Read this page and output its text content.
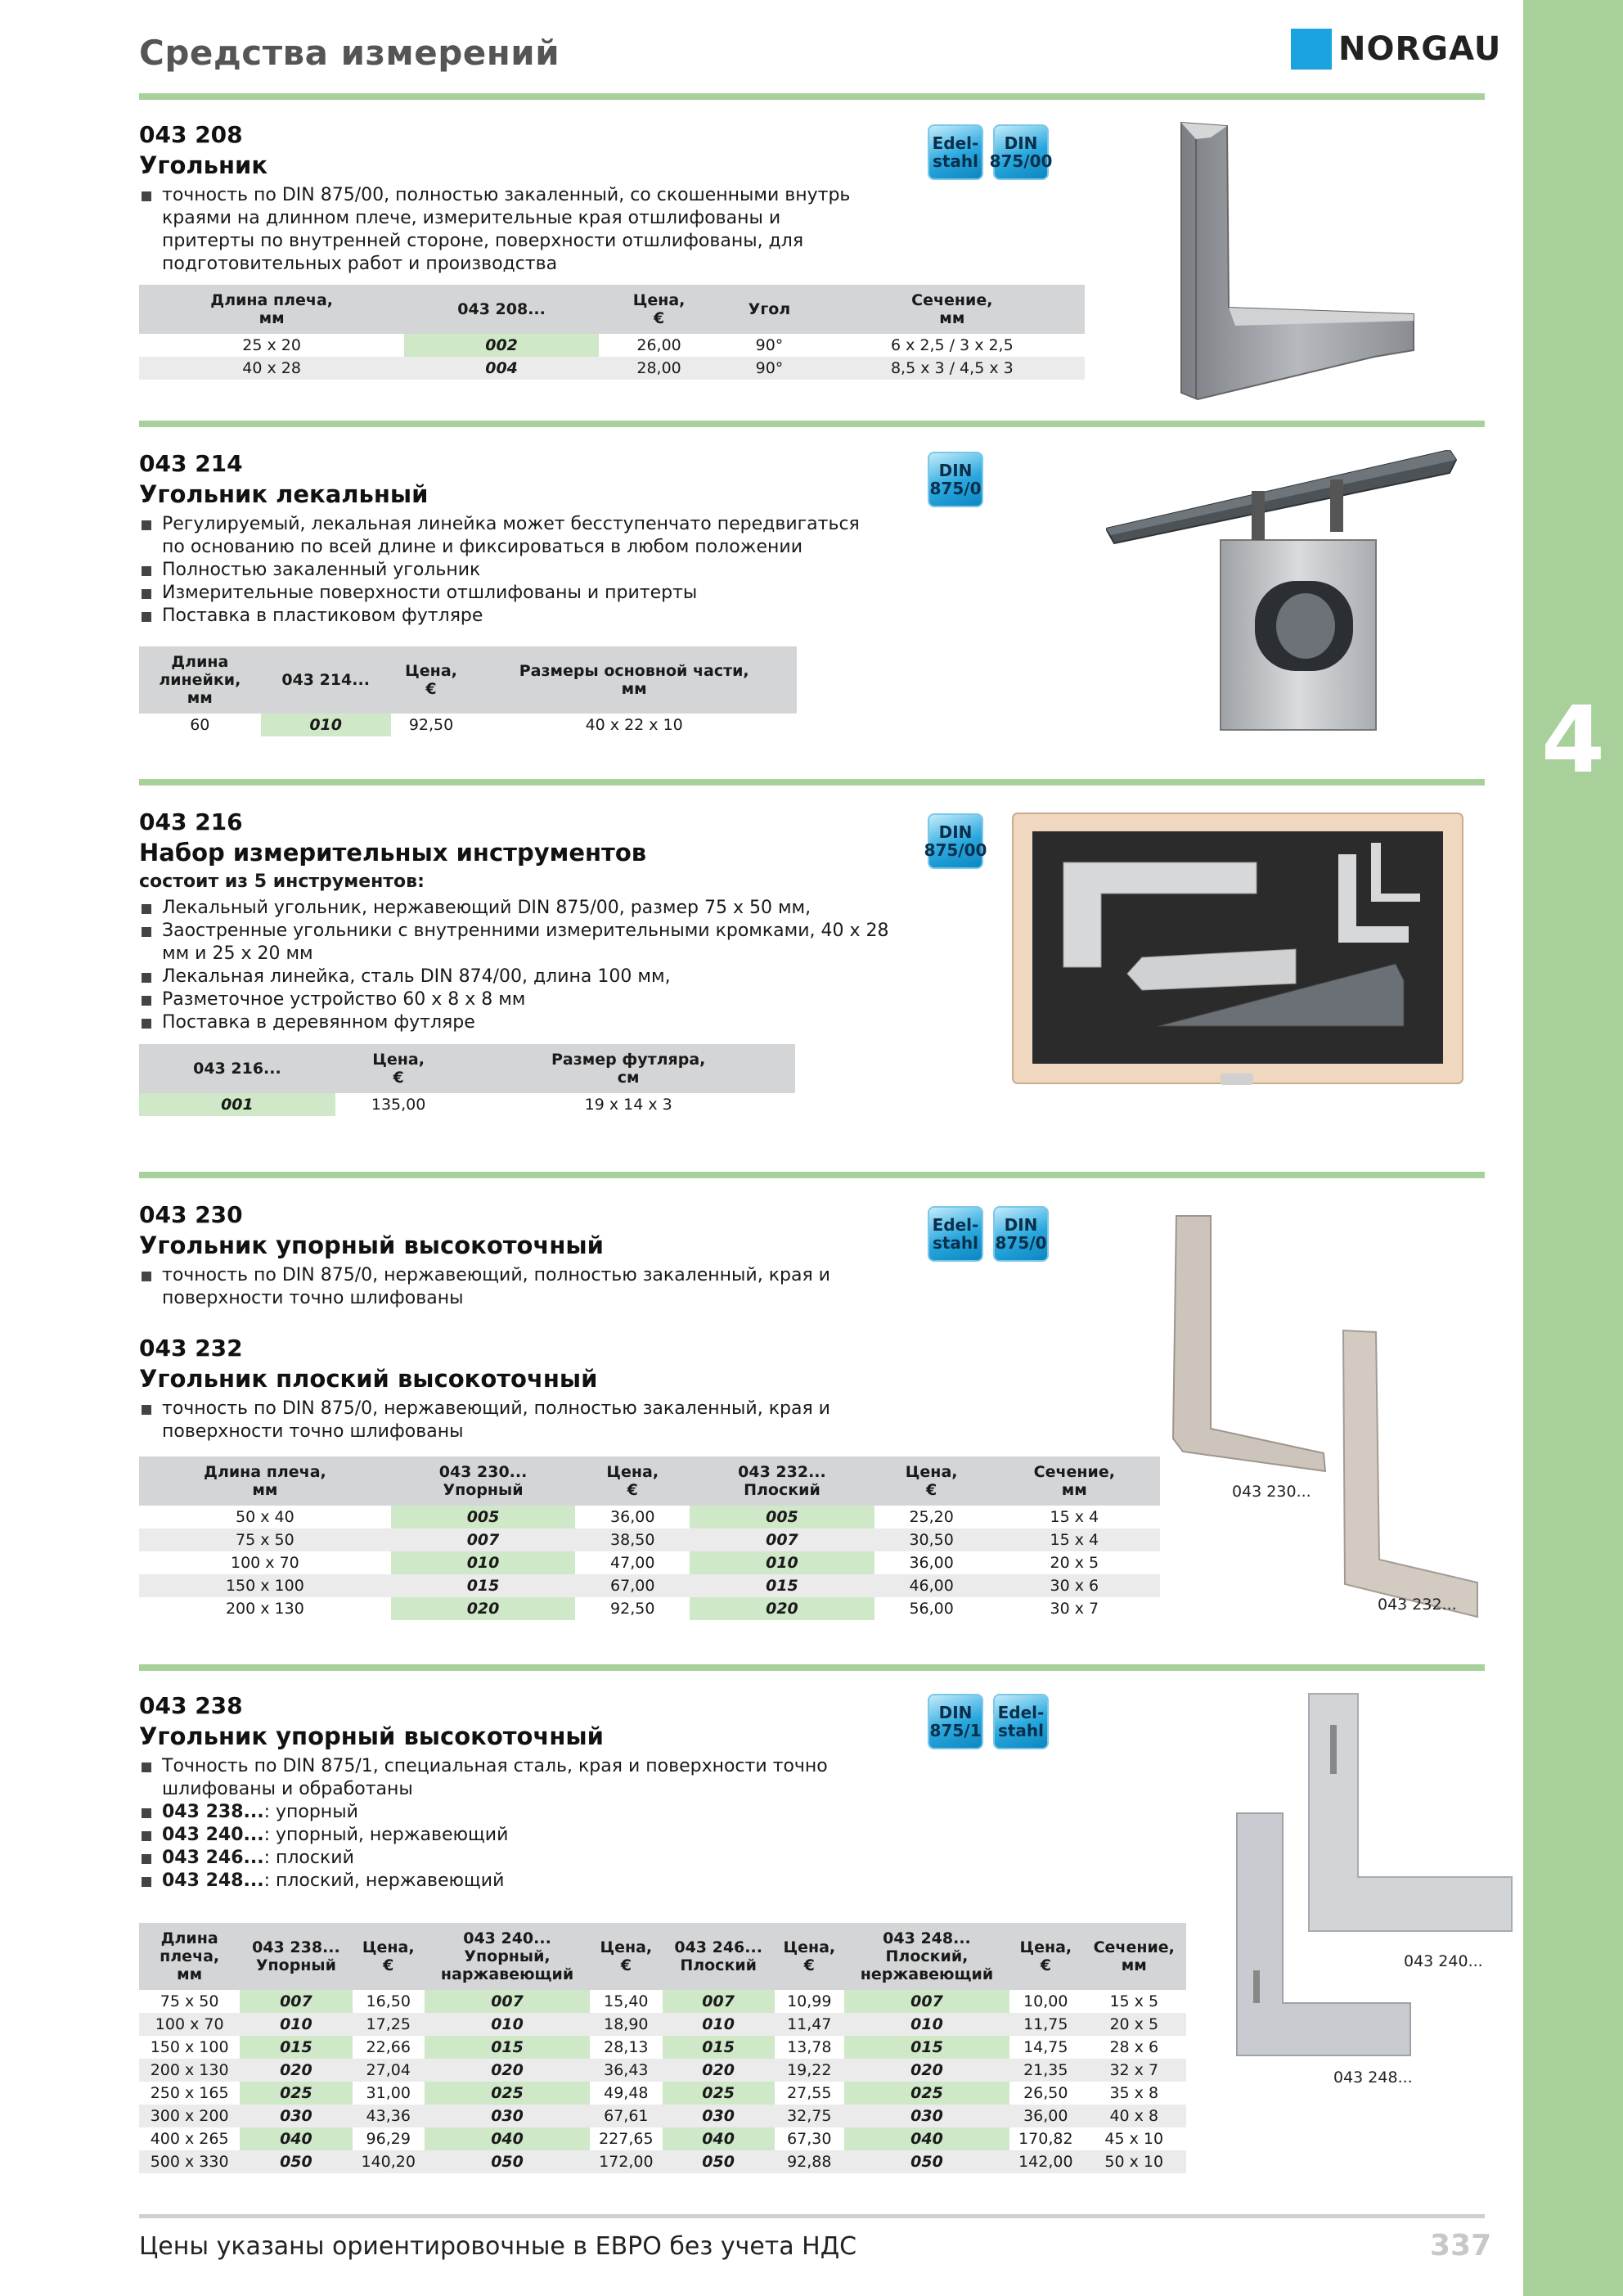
4
Средства измерений	NORGAU
043 208
Угольник
точность по DIN 875/00, полностью закаленный, со скошенными внутрь краями на длинном плече, измерительные края отшлифованы и притерты по внутренней стороне, поверхности отшлифованы, для подготовительных работ и производства
Edel-
stahl
DIN
875/00
Длина плеча,
мм	043 208...	Цена,
€	Угол	Сечение,
мм
25 x 20	002	26,00	90°	6 x 2,5 / 3 x 2,5
40 x 28	004	28,00	90°	8,5 x 3 / 4,5 x 3
043 214
Угольник лекальный
Регулируемый, лекальная линейка может бесступенчато передвигаться по основанию по всей длине и фиксироваться в любом положении
Полностью закаленный угольник
Измерительные поверхности отшлифованы и притерты
Поставка в пластиковом футляре
DIN
875/0
Длина
линейки,
мм	043 214...	Цена,
€	Размеры основной части,
мм
60	010	92,50	40 x 22 x 10
043 216
Набор измерительных инструментов
состоит из 5 инструментов:
Лекальный угольник, нержавеющий DIN 875/00, размер 75 x 50 мм,
Заостренные угольники с внутренними измерительными кромками, 40 x 28 мм и 25 x 20 мм
Лекальная линейка, сталь DIN 874/00, длина 100 мм,
Разметочное устройство 60 x 8 x 8 мм
Поставка в деревянном футляре
DIN
875/00
043 216...	Цена,
€	Размер футляра,
см
001	135,00	19 x 14 x 3
043 230
Угольник упорный высокоточный
точность по DIN 875/0, нержавеющий, полностью закаленный, края и поверхности точно шлифованы
043 232
Угольник плоский высокоточный
точность по DIN 875/0, нержавеющий, полностью закаленный, края и поверхности точно шлифованы
Edel-
stahl
DIN
875/0
Длина плеча,
мм	043 230...
Упорный	Цена,
€	043 232...
Плоский	Цена,
€	Сечение,
мм
50 x 40	005	36,00	005	25,20	15 x 4
75 x 50	007	38,50	007	30,50	15 x 4
100 x 70	010	47,00	010	36,00	20 x 5
150 x 100	015	67,00	015	46,00	30 x 6
200 x 130	020	92,50	020	56,00	30 x 7
043 230...
043 232...
043 238
Угольник упорный высокоточный
Точность по DIN 875/1, специальная сталь, края и поверхности точно шлифованы и обработаны
043 238...: упорный
043 240...: упорный, нержавеющий
043 246...: плоский
043 248...: плоский, нержавеющий
DIN
875/1
Edel-
stahl
Длина
плеча,
мм	043 238...
Упорный	Цена,
€	043 240...
Упорный,
наржавеющий	Цена,
€	043 246...
Плоский	Цена,
€	043 248...
Плоский,
нержавеющий	Цена,
€	Сечение,
мм
75 x 50	007	16,50	007	15,40	007	10,99	007	10,00	15 x 5
100 x 70	010	17,25	010	18,90	010	11,47	010	11,75	20 x 5
150 x 100	015	22,66	015	28,13	015	13,78	015	14,75	28 x 6
200 x 130	020	27,04	020	36,43	020	19,22	020	21,35	32 x 7
250 x 165	025	31,00	025	49,48	025	27,55	025	26,50	35 x 8
300 x 200	030	43,36	030	67,61	030	32,75	030	36,00	40 x 8
400 x 265	040	96,29	040	227,65	040	67,30	040	170,82	45 x 10
500 x 330	050	140,20	050	172,00	050	92,88	050	142,00	50 x 10
043 240...
043 248...
Цены указаны ориентировочные в ЕВРО без учета НДС	337
